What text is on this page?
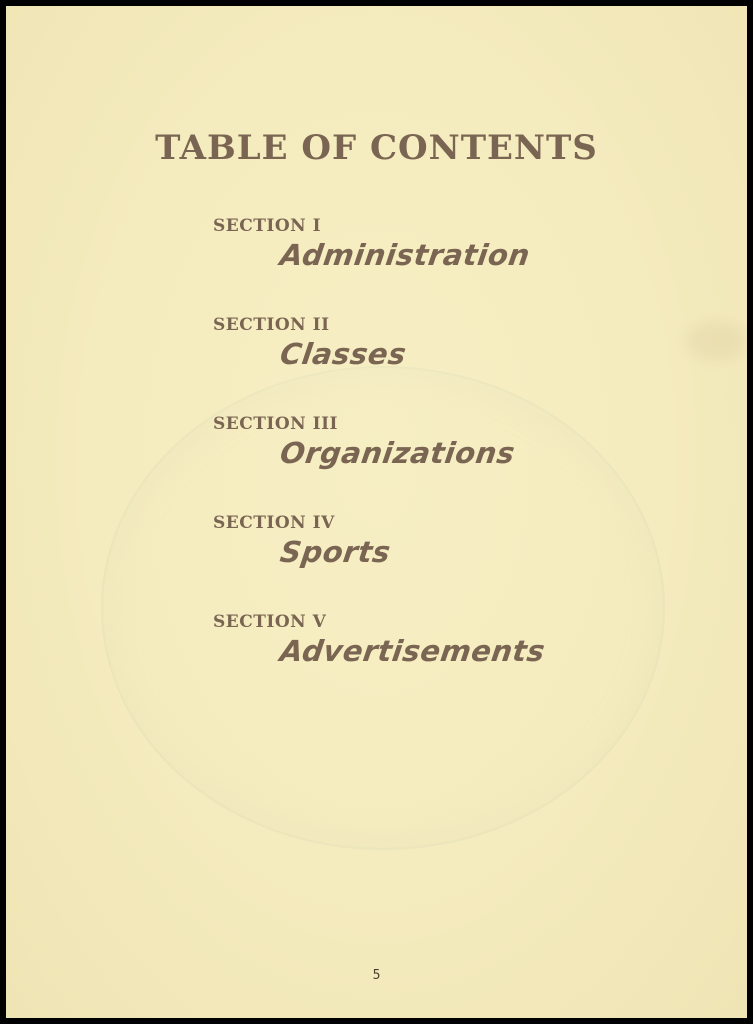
TABLE OF CONTENTS
SECTION I
Administration
SECTION II
Classes
SECTION III
Organizations
SECTION IV
Sports
SECTION V
Advertisements
5
